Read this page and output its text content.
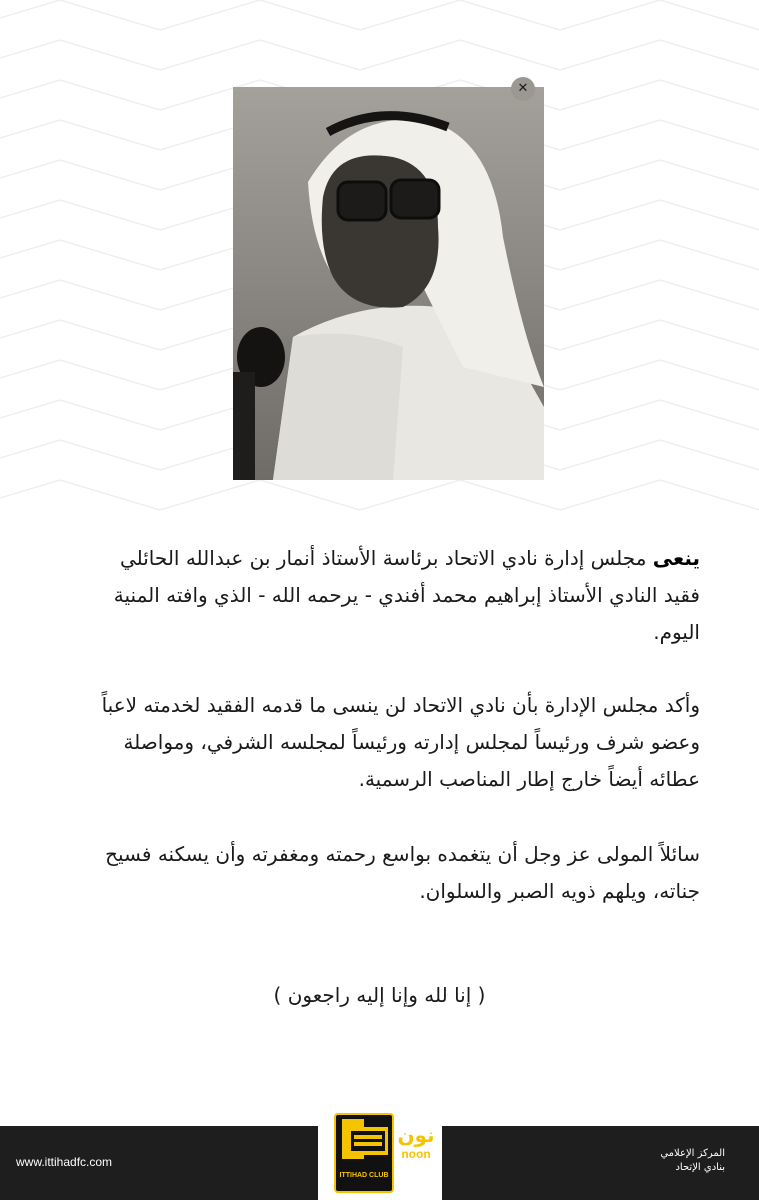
✕

ينعى مجلس إدارة نادي الاتحاد برئاسة الأستاذ أنمار بن عبدالله الحائلي فقيد النادي الأستاذ إبراهيم محمد أفندي - يرحمه الله - الذي وافته المنية اليوم.

وأكد مجلس الإدارة بأن نادي الاتحاد لن ينسى ما قدمه الفقيد لخدمته لاعباً وعضو شرف ورئيساً لمجلس إدارته ورئيساً لمجلسه الشرفي، ومواصلة عطائه أيضاً خارج إطار المناصب الرسمية.

سائلاً المولى عز وجل أن يتغمده بواسع رحمته ومغفرته وأن يسكنه فسيح جناته، ويلهم ذويه الصبر والسلوان.

( إنا لله وإنا إليه راجعون )
www.ittihadfc.com
المركز الإعلامي
بنادي الإتحاد
ITTIHAD CLUB
نون
noon
